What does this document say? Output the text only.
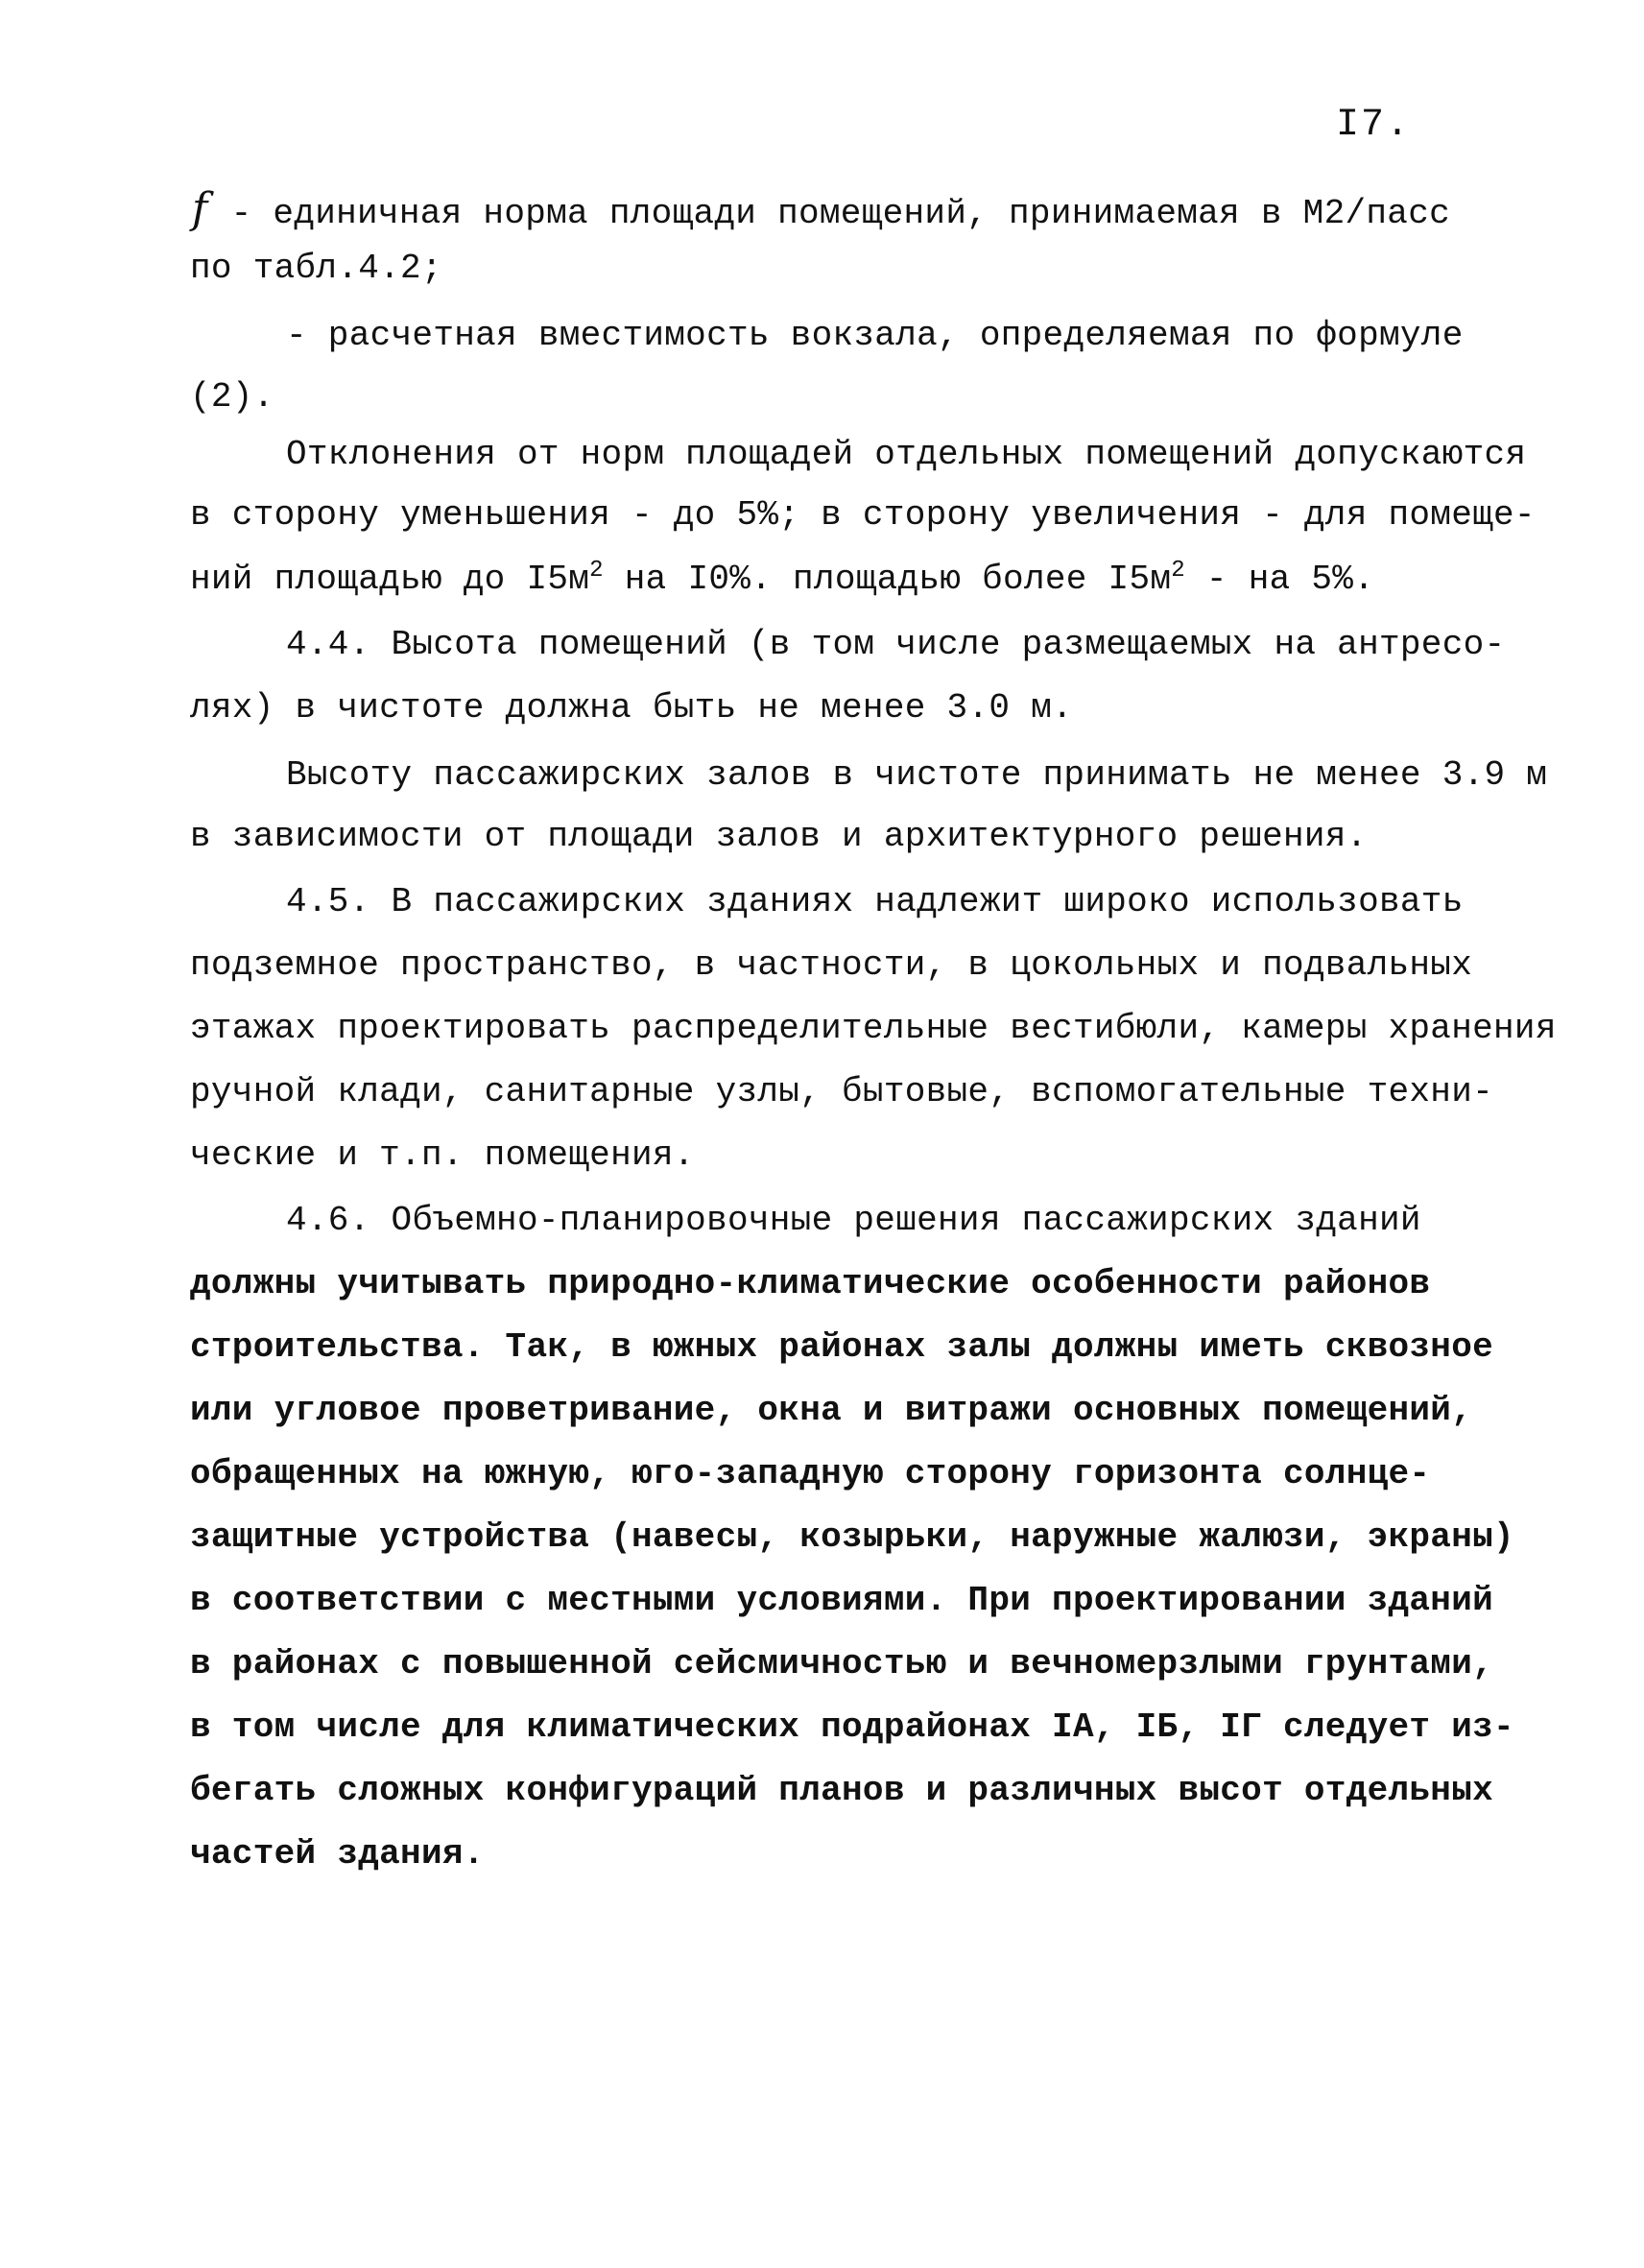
I7.
f - единичная норма площади помещений, принимаемая в М2/пасс
по табл.4.2;
- расчетная вместимость вокзала, определяемая по формуле
(2).
Отклонения от норм площадей отдельных помещений допускаются
в сторону уменьшения - до 5%; в сторону увеличения - для помеще-
ний площадью до $I5м^2$ на I0%. площадью более $I5м^2$ - на 5%.
4.4. Высота помещений (в том числе размещаемых на антресо-
лях) в чистоте должна быть не менее 3.0 м.
Высоту пассажирских залов в чистоте принимать не менее 3.9 м
в зависимости от площади залов и архитектурного решения.
4.5. В пассажирских зданиях надлежит широко использовать
подземное пространство, в частности, в цокольных и подвальных
этажах проектировать распределительные вестибюли, камеры хранения
ручной клади, санитарные узлы, бытовые, вспомогательные техни-
ческие и т.п. помещения.
4.6. Объемно-планировочные решения пассажирских зданий
должны учитывать природно-климатические особенности районов
строительства. Так, в южных районах залы должны иметь сквозное
или угловое проветривание, окна и витражи основных помещений,
обращенных на южную, юго-западную сторону горизонта солнце-
защитные устройства (навесы, козырьки, наружные жалюзи, экраны)
в соответствии с местными условиями. При проектировании зданий
в районах с повышенной сейсмичностью и вечномерзлыми грунтами,
в том числе для климатических подрайонах IА, IБ, IГ следует из-
бегать сложных конфигураций планов и различных высот отдельных
частей здания.
